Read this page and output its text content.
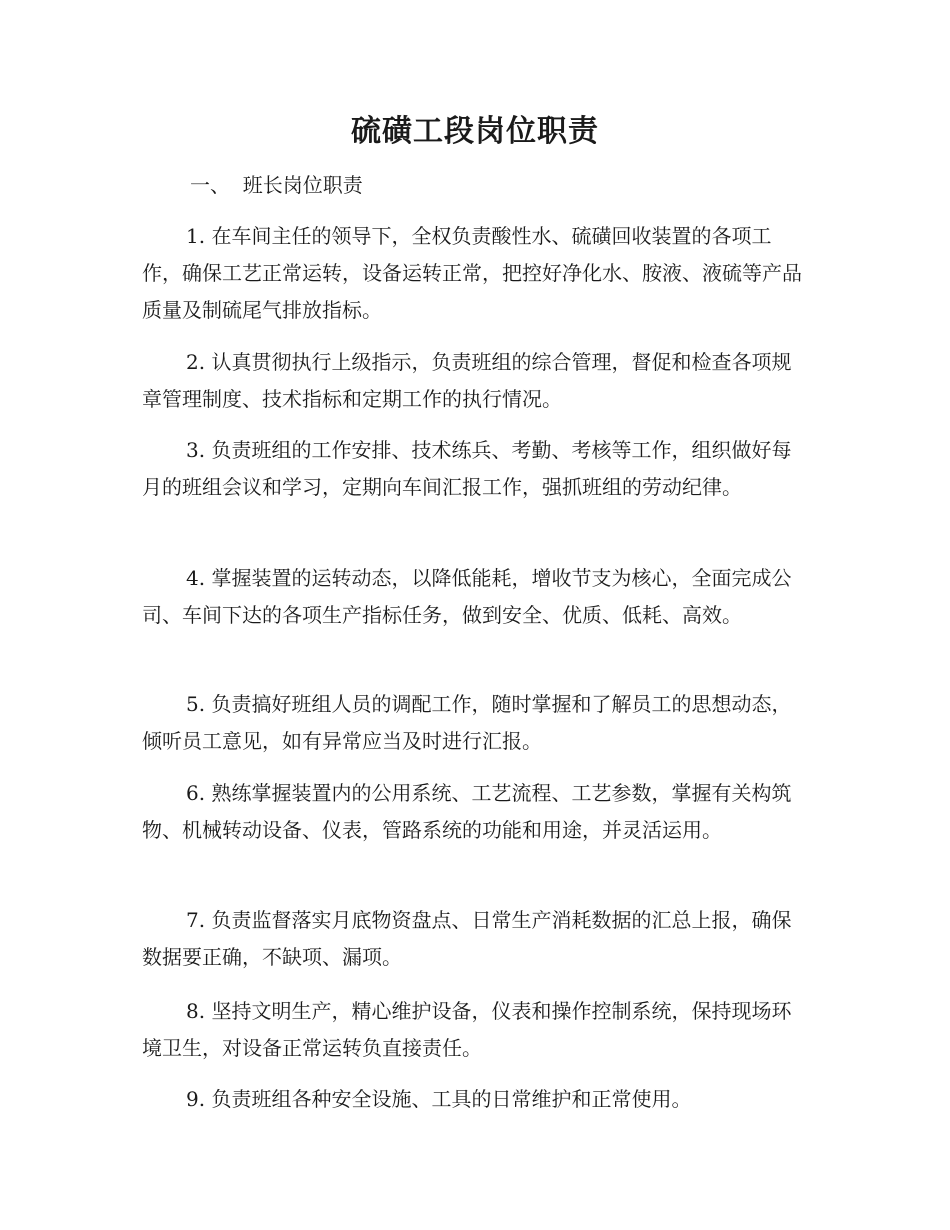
硫磺工段岗位职责
一、  班长岗位职责

1. 在车间主任的领导下，全权负责酸性水、硫磺回收装置的各项工作，确保工艺正常运转，设备运转正常，把控好净化水、胺液、液硫等产品质量及制硫尾气排放指标。

2. 认真贯彻执行上级指示，负责班组的综合管理，督促和检查各项规章管理制度、技术指标和定期工作的执行情况。

3. 负责班组的工作安排、技术练兵、考勤、考核等工作，组织做好每月的班组会议和学习，定期向车间汇报工作，强抓班组的劳动纪律。

4. 掌握装置的运转动态，以降低能耗，增收节支为核心，全面完成公司、车间下达的各项生产指标任务，做到安全、优质、低耗、高效。

5. 负责搞好班组人员的调配工作，随时掌握和了解员工的思想动态，倾听员工意见，如有异常应当及时进行汇报。

6. 熟练掌握装置内的公用系统、工艺流程、工艺参数，掌握有关构筑物、机械转动设备、仪表，管路系统的功能和用途，并灵活运用。

7. 负责监督落实月底物资盘点、日常生产消耗数据的汇总上报，确保数据要正确，不缺项、漏项。

8. 坚持文明生产，精心维护设备，仪表和操作控制系统，保持现场环境卫生，对设备正常运转负直接责任。

9. 负责班组各种安全设施、工具的日常维护和正常使用。
